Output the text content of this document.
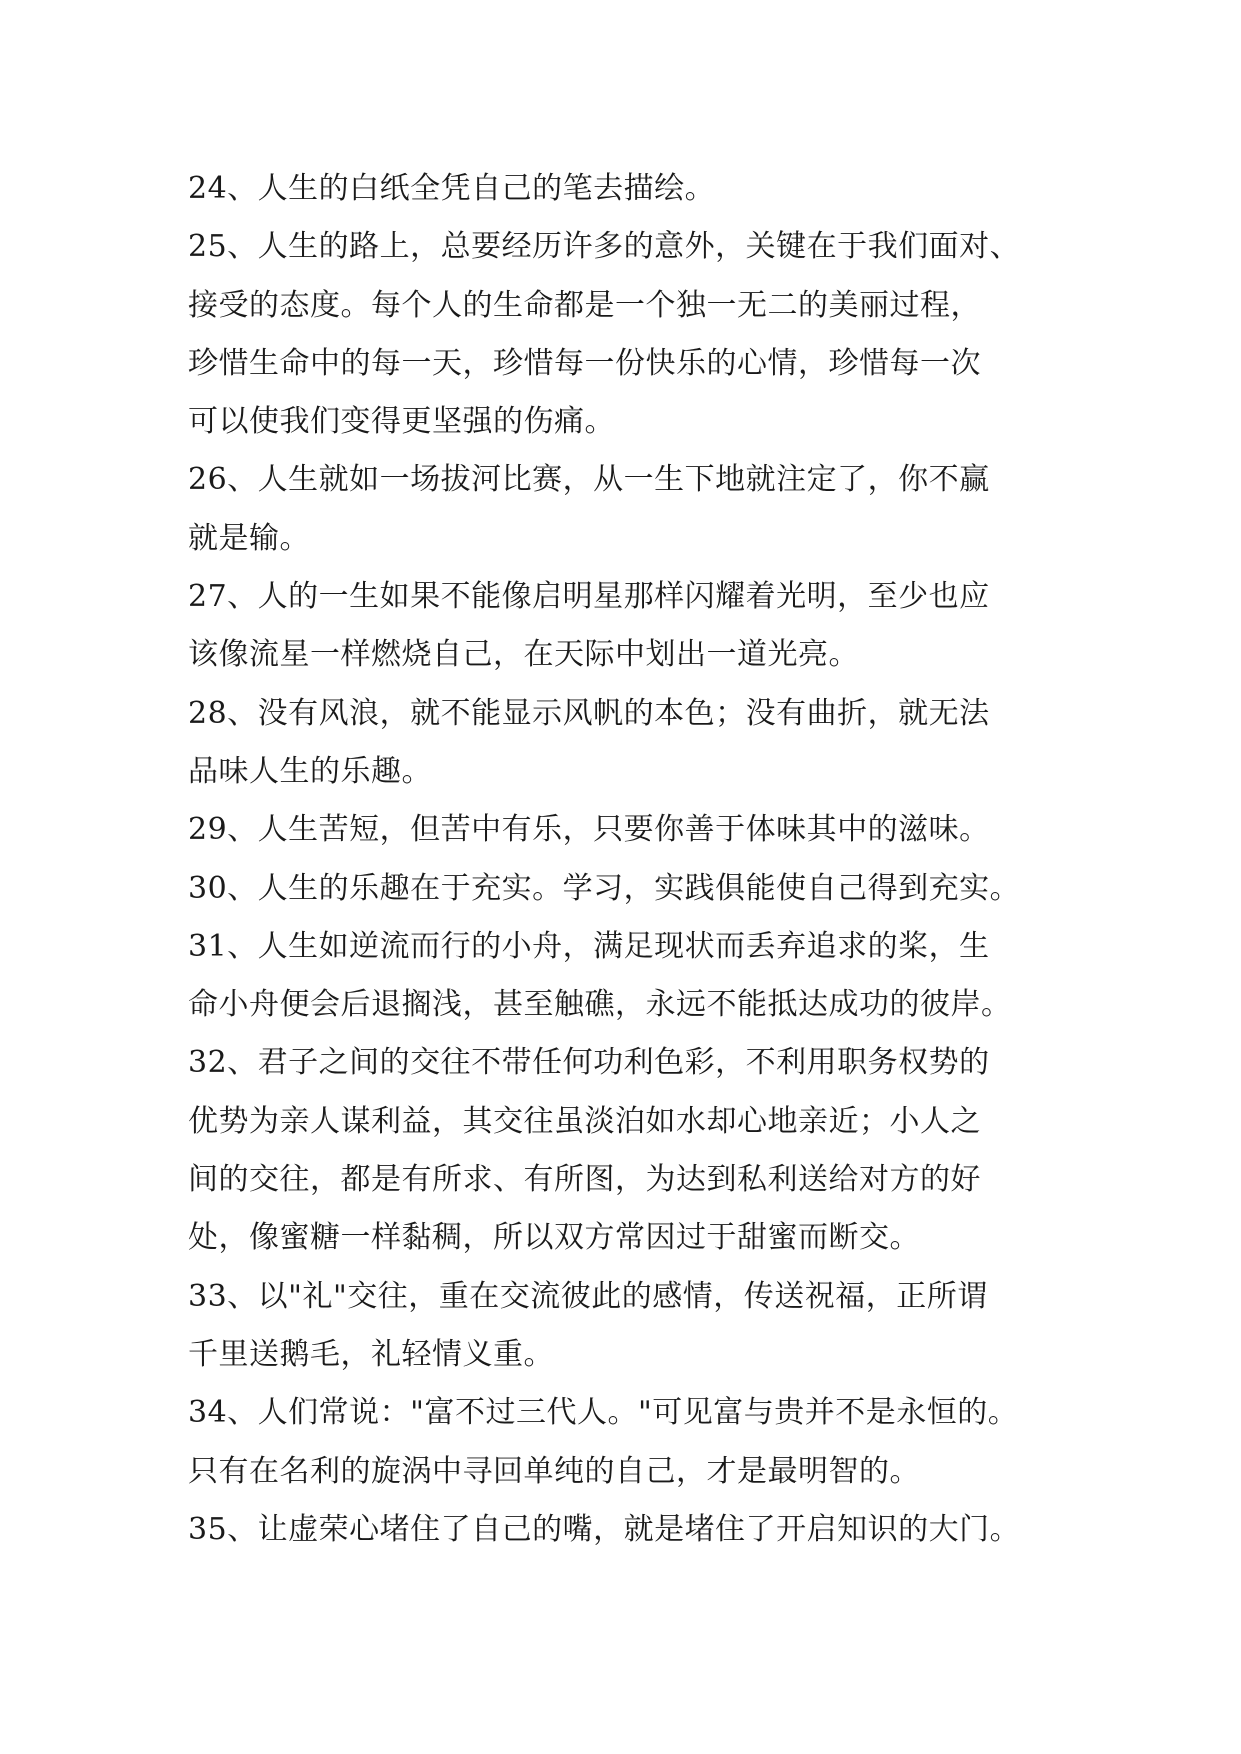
24、人生的白纸全凭自己的笔去描绘。
25、人生的路上，总要经历许多的意外，关键在于我们面对、
接受的态度。每个人的生命都是一个独一无二的美丽过程，
珍惜生命中的每一天，珍惜每一份快乐的心情，珍惜每一次
可以使我们变得更坚强的伤痛。
26、人生就如一场拔河比赛，从一生下地就注定了，你不赢
就是输。
27、人的一生如果不能像启明星那样闪耀着光明，至少也应
该像流星一样燃烧自己，在天际中划出一道光亮。
28、没有风浪，就不能显示风帆的本色；没有曲折，就无法
品味人生的乐趣。
29、人生苦短，但苦中有乐，只要你善于体味其中的滋味。
30、人生的乐趣在于充实。学习，实践俱能使自己得到充实。
31、人生如逆流而行的小舟，满足现状而丢弃追求的桨，生
命小舟便会后退搁浅，甚至触礁，永远不能抵达成功的彼岸。
32、君子之间的交往不带任何功利色彩，不利用职务权势的
优势为亲人谋利益，其交往虽淡泊如水却心地亲近；小人之
间的交往，都是有所求、有所图，为达到私利送给对方的好
处，像蜜糖一样黏稠，所以双方常因过于甜蜜而断交。
33、以"礼"交往，重在交流彼此的感情，传送祝福，正所谓
千里送鹅毛，礼轻情义重。
34、人们常说："富不过三代人。"可见富与贵并不是永恒的。
只有在名利的旋涡中寻回单纯的自己，才是最明智的。
35、让虚荣心堵住了自己的嘴，就是堵住了开启知识的大门。
